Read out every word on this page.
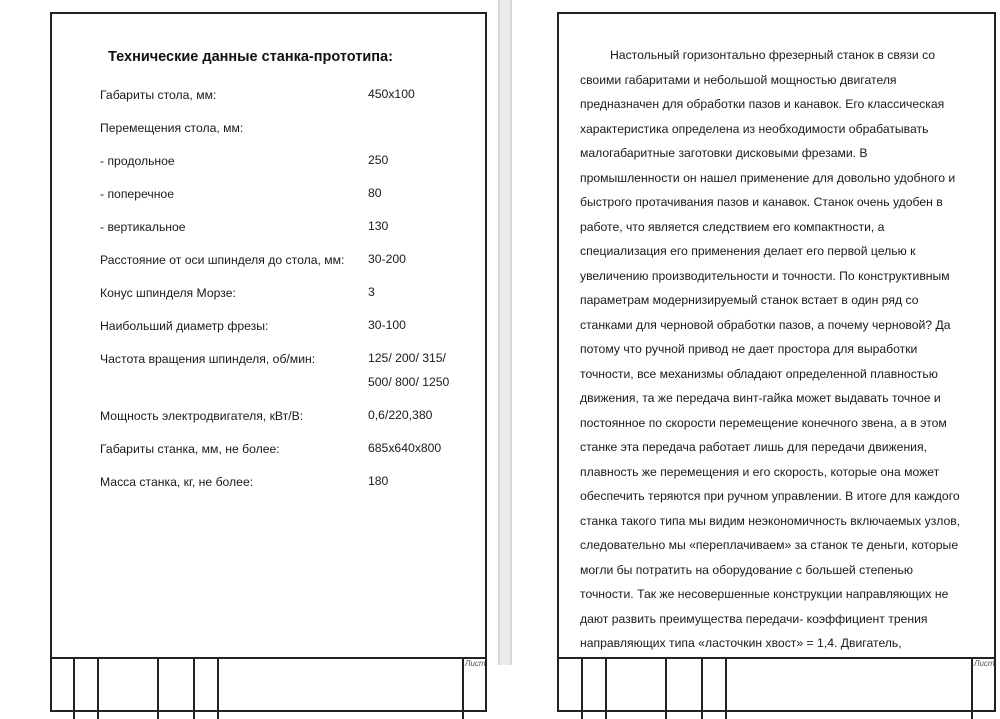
Технические данные станка-прототипа:
Габариты стола, мм:	450x100
Перемещения стола, мм:
- продольное	250
- поперечное	80
- вертикальное	130
Расстояние от оси шпинделя до стола, мм: 30-200
Конус шпинделя Морзе:	3
Наибольший диаметр фрезы:	30-100
Частота вращения шпинделя, об/мин:	125/ 200/ 315/
500/ 800/ 1250
Мощность электродвигателя, кВт/В:	0,6/220,380
Габариты станка, мм, не более:	685x640x800
Масса станка, кг, не более:	180
Лист
Настольный горизонтально фрезерный станок в связи со
своими габаритами и небольшой мощностью двигателя
предназначен для обработки пазов и канавок. Его классическая
характеристика определена из необходимости обрабатывать
малогабаритные заготовки дисковыми фрезами. В
промышленности он нашел применение для довольно удобного и
быстрого протачивания пазов и канавок. Станок очень удобен в
работе, что является следствием его компактности, а
специализация его применения делает его первой целью к
увеличению производительности и точности. По конструктивным
параметрам модернизируемый станок встает в один ряд со
станками для черновой обработки пазов, а почему черновой? Да
потому что ручной привод не дает простора для выработки
точности, все механизмы обладают определенной плавностью
движения, та же передача винт-гайка может выдавать точное и
постоянное по скорости перемещение конечного звена, а в этом
станке эта передача работает лишь для передачи движения,
плавность же перемещения и его скорость, которые она может
обеспечить теряются при ручном управлении. В итоге для каждого
станка такого типа мы видим неэкономичность включаемых узлов,
следовательно мы «переплачиваем» за станок те деньги, которые
могли бы потратить на оборудование с большей степенью
точности. Так же несовершенные конструкции направляющих не
дают развить преимущества передачи- коэффициент трения
направляющих типа «ласточкин хвост» = 1,4. Двигатель,
Лист
